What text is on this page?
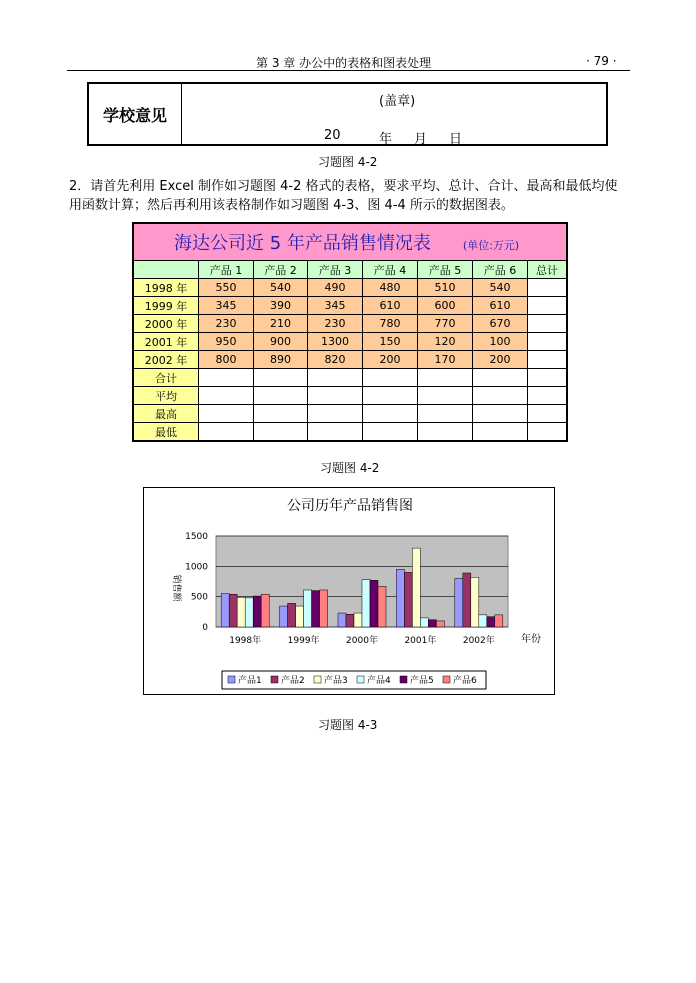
第 3 章 办公中的表格和图表处理	· 79 ·
学校意见
(盖章)
20	年 月 日
习题图 4-2
2．请首先利用 Excel 制作如习题图 4-2 格式的表格，要求平均、总计、合计、最高和最低均使用函数计算；然后再利用该表格制作如习题图 4-3、图 4-4 所示的数据图表。
海达公司近 5 年产品销售情况表 (单位:万元)							
	产品 1	产品 2	产品 3	产品 4	产品 5	产品 6	总计
1998 年	550	540	490	480	510	540	
1999 年	345	390	345	610	600	610	
2000 年	230	210	230	780	770	670	
2001 年	950	900	1300	150	120	100	
2002 年	800	890	820	200	170	200	
合计							
平均							
最高							
最低							
习题图 4-2
公司历年产品销售图
销售额
年份
0
500
1000
1500
1998年	1999年	2000年	2001年	2002年
产品1 产品2 产品3 产品4 产品5 产品6
习题图 4-3
